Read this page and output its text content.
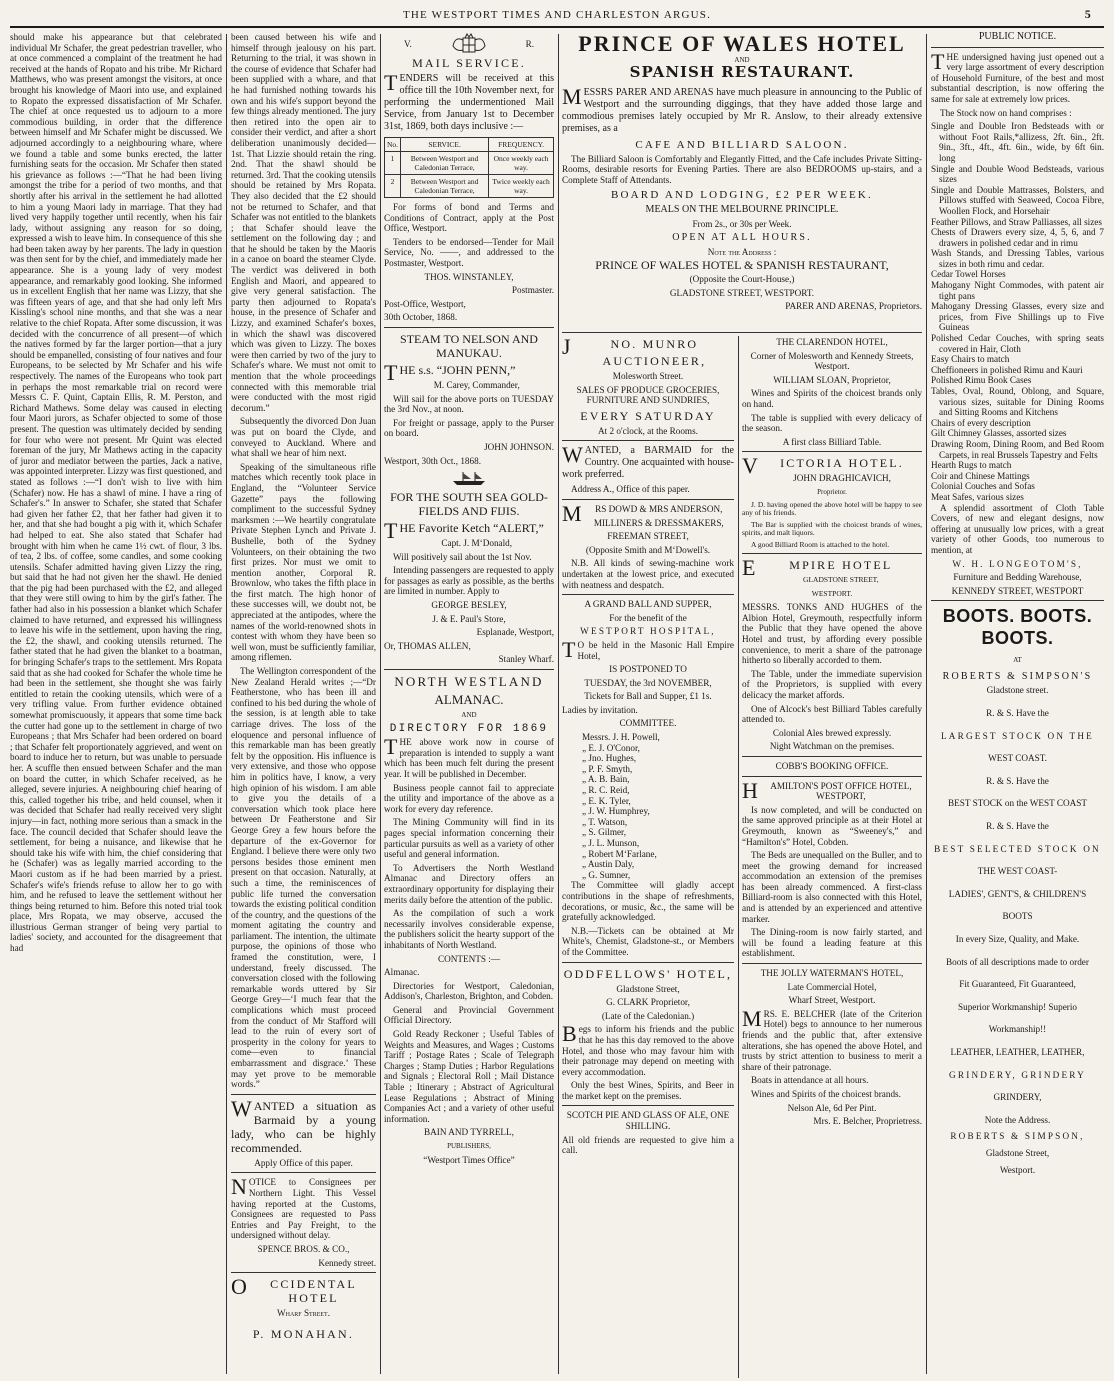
THE WESTPORT TIMES AND CHARLESTON ARGUS.	5

should make his appearance but that celebrated individual Mr Schafer, the great pedestrian traveller, who at once commenced a complaint of the treatment he had received at the hands of Ropato and his tribe. Mr Richard Matthews, who was present amongst the visitors, at once brought his knowledge of Maori into use, and explained to Ropato the expressed dissatisfaction of Mr Schafer. The chief at once requested us to adjourn to a more commodious building, in order that the difference between himself and Mr Schafer might be discussed. We adjourned accordingly to a neighbouring whare, where we found a table and some bunks erected, the latter furnishing seats for the occasion. Mr Schafer then stated his grievance as follows :—“That he had been living amongst the tribe for a period of two months, and that shortly after his arrival in the settlement he had allotted to him a young Maori lady in marriage. That they had lived very happily together until recently, when his fair lady, without assigning any reason for so doing, expressed a wish to leave him. In consequence of this she had been taken away by her parents. The lady in question was then sent for by the chief, and immediately made her appearance. She is a young lady of very modest appearance, and remarkably good looking. She informed us in excellent English that her name was Lizzy, that she was fifteen years of age, and that she had only left Mrs Kissling's school nine months, and that she was a near relative to the chief Ropata. After some discussion, it was decided with the concurrence of all present—of which the natives formed by far the larger portion—that a jury should be empanelled, consisting of four natives and four Europeans, to be selected by Mr Schafer and his wife respectively. The names of the Europeans who took part in perhaps the most remarkable trial on record were Messrs C. F. Quint, Captain Ellis, R. M. Perston, and Richard Mathews. Some delay was caused in electing four Maori jurors, as Schafer objected to some of those present. The question was ultimately decided by sending for four who were not present. Mr Quint was elected foreman of the jury, Mr Mathews acting in the capacity of juror and mediator between the parties, Jack a native, was appointed interpreter. Lizzy was first questioned, and stated as follows :—“I don't wish to live with him (Schafer) now. He has a shawl of mine. I have a ring of Schafer's.” In answer to Schafer, she stated that Schafer had given her father £2, that her father had given it to her, and that she had bought a pig with it, which Schafer had helped to eat. She also stated that Schafer had brought with him when he came 1½ cwt. of flour, 3 lbs. of tea, 2 lbs. of coffee, some candles, and some cooking utensils. Schafer admitted having given Lizzy the ring, but said that he had not given her the shawl. He denied that the pig had been purchased with the £2, and alleged that they were still owing to him by the girl's father. The father had also in his possession a blanket which Schafer claimed to have returned, and expressed his willingness to leave his wife in the settlement, upon having the ring, the £2, the shawl, and cooking utensils returned. The father stated that he had given the blanket to a boatman, for bringing Schafer's traps to the settlement. Mrs Ropata said that as she had cooked for Schafer the whole time he had been in the settlement, she thought she was fairly entitled to retain the cooking utensils, which were of a very trifling value. From further evidence obtained somewhat promiscuously, it appears that some time back the cutter had gone up to the settlement in charge of two Europeans ; that Mrs Schafer had been ordered on board ; that Schafer felt proportionately aggrieved, and went on board to induce her to return, but was unable to persuade her. A scuffle then ensued between Schafer and the man on board the cutter, in which Schafer received, as he alleged, severe injuries. A neighbouring chief hearing of this, called together his tribe, and held counsel, when it was decided that Schafer had really received very slight injury—in fact, nothing more serious than a smack in the face. The council decided that Schafer should leave the settlement, for being a nuisance, and likewise that he should take his wife with him, the chief considering that he (Schafer) was as legally married according to the Maori custom as if he had been married by a priest. Schafer's wife's friends refuse to allow her to go with him, and he refused to leave the settlement without her things being returned to him. Before this noted trial took place, Mrs Ropata, we may observe, accused the illustrious German stranger of being very partial to ladies' society, and accounted for the disagreement that had

been caused between his wife and himself through jealousy on his part. Returning to the trial, it was shown in the course of evidence that Schafer had been supplied with a whare, and that he had furnished nothing towards his own and his wife's support beyond the few things already mentioned. The jury then retired into the open air to consider their verdict, and after a short deliberation unanimously decided—1st. That Lizzie should retain the ring. 2nd. That the shawl should be returned. 3rd. That the cooking utensils should be retained by Mrs Ropata. They also decided that the £2 should not be returned to Schafer, and that Schafer was not entitled to the blankets ; that Schafer should leave the settlement on the following day ; and that he should be taken by the Maoris in a canoe on board the steamer Clyde. The verdict was delivered in both English and Maori, and appeared to give very general satisfaction. The party then adjourned to Ropata's house, in the presence of Schafer and Lizzy, and examined Schafer's boxes, in which the shawl was discovered which was given to Lizzy. The boxes were then carried by two of the jury to Schafer's whare. We must not omit to mention that the whole proceedings connected with this memorable trial were conducted with the most rigid decorum.”

Subsequently the divorced Don Juan was put on board the Clyde, and conveyed to Auckland. Where and what shall we hear of him next.

Speaking of the simultaneous rifle matches which recently took place in England, the “Volunteer Service Gazette” pays the following compliment to the successful Sydney marksmen :—We heartily congratulate Private Stephen Lynch and Private J. Bushelle, both of the Sydney Volunteers, on their obtaining the two first prizes. Nor must we omit to mention another, Corporal R. Brownlow, who takes the fifth place in the first match. The high honor of these successes will, we doubt not, be appreciated at the antipodes, where the names of the world-renowned shots in contest with whom they have been so well won, must be sufficiently familiar, among riflemen.

The Wellington correspondent of the New Zealand Herald writes ;—“Dr Featherstone, who has been ill and confined to his bed during the whole of the session, is at length able to take carriage drives. The loss of the eloquence and personal influence of this remarkable man has been greatly felt by the opposition. His influence is very extensive, and those who oppose him in politics have, I know, a very high opinion of his wisdom. I am able to give you the details of a conversation which took place here between Dr Featherstone and Sir George Grey a few hours before the departure of the ex-Governor for England. I believe there were only two persons besides those eminent men present on that occasion. Naturally, at such a time, the reminiscences of public life turned the conversation towards the existing political condition of the country, and the questions of the moment agitating the country and parliament. The intention, the ultimate purpose, the opinions of those who framed the constitution, were, I understand, freely discussed. The conversation closed with the following remarkable words uttered by Sir George Grey—‘I much fear that the complications which must proceed from the conduct of Mr Stafford will lead to the ruin of every sort of prosperity in the colony for years to come—even to financial embarrassment and disgrace.’ These may yet prove to be memorable words.”

WANTED a situation as Barmaid by a young lady, who can be highly recommended.

Apply Office of this paper.

NOTICE to Consignees per Northern Light. This Vessel having reported at the Customs, Consignees are requested to Pass Entries and Pay Freight, to the undersigned without delay.

SPENCE BROS. & CO.,

Kennedy street.

OCCIDENTAL HOTEL

Wharf Street.

P. MONAHAN.

V.	R.

MAIL SERVICE.

TENDERS will be received at this office till the 10th November next, for performing the undermentioned Mail Service, from January 1st to December 31st, 1869, both days inclusive :—

No.	SERVICE.	FREQUENCY.
1	Between Westport and Caledonian Terrace,	Once weekly each way.
2	Between Westport and Caledonian Terrace,	Twice weekly each way.

For forms of bond and Terms and Conditions of Contract, apply at the Post Office, Westport.

Tenders to be endorsed—Tender for Mail Service, No. ——, and addressed to the Postmaster, Westport.

THOS. WINSTANLEY,

Postmaster.

Post-Office, Westport,

30th October, 1868.

STEAM TO NELSON AND MANUKAU.

THE s.s. “JOHN PENN,”

M. Carey, Commander,

Will sail for the above ports on TUESDAY the 3rd Nov., at noon.

For freight or passage, apply to the Purser on board.

JOHN JOHNSON.

Westport, 30th Oct., 1868.

FOR THE SOUTH SEA GOLD-FIELDS AND FIJIS.

THE Favorite Ketch “ALERT,”

Capt. J. M‘Donald,

Will positively sail about the 1st Nov.

Intending passengers are requested to apply for passages as early as possible, as the berths are limited in number. Apply to

GEORGE BESLEY,

J. & E. Paul's Store,

Esplanade, Westport,

Or, THOMAS ALLEN,

Stanley Wharf.

NORTH WESTLAND

ALMANAC.

AND

DIRECTORY FOR 1869

THE above work now in course of preparation is intended to supply a want which has been much felt during the present year. It will be published in December.

Business people cannot fail to appreciate the utility and importance of the above as a work for every day reference.

The Mining Community will find in its pages special information concerning their particular pursuits as well as a variety of other useful and general information.

To Advertisers the North Westland Almanac and Directory offers an extraordinary opportunity for displaying their merits daily before the attention of the public.

As the compilation of such a work necessarily involves considerable expense, the publishers solicit the hearty support of the inhabitants of North Westland.

CONTENTS :—

Almanac.

Directories for Westport, Caledonian, Addison's, Charleston, Brighton, and Cobden.

General and Provincial Government Official Directory.

Gold Ready Reckoner ; Useful Tables of Weights and Measures, and Wages ; Customs Tariff ; Postage Rates ; Scale of Telegraph Charges ; Stamp Duties ; Harbor Regulations and Signals ; Electoral Roll ; Mail Distance Table ; Itinerary ; Abstract of Agricultural Lease Regulations ; Abstract of Mining Companies Act ; and a variety of other useful information.

BAIN AND TYRRELL,

PUBLISHERS,

“Westport Times Office”

PRINCE OF WALES HOTEL
AND
SPANISH RESTAURANT.

MESSRS PARER AND ARENAS have much pleasure in announcing to the Public of Westport and the surrounding diggings, that they have added those large and commodious premises lately occupied by Mr R. Anslow, to their already extensive premises, as a

CAFE AND BILLIARD SALOON.

The Billiard Saloon is Comfortably and Elegantly Fitted, and the Cafe includes Private Sitting-Rooms, desirable resorts for Evening Parties. There are also BEDROOMS up-stairs, and a Complete Staff of Attendants.

BOARD AND LODGING, £2 PER WEEK.

MEALS ON THE MELBOURNE PRINCIPLE.

From 2s., or 30s per Week.

OPEN AT ALL HOURS.

Note the Address :

PRINCE OF WALES HOTEL & SPANISH RESTAURANT,

(Opposite the Court-House,)

GLADSTONE STREET, WESTPORT.

PARER AND ARENAS, Proprietors.

JNO. MUNRO

AUCTIONEER,

Molesworth Street.

SALES OF PRODUCE GROCERIES, FURNITURE AND SUNDRIES,

EVERY SATURDAY

At 2 o'clock, at the Rooms.

WANTED, a BARMAID for the Country. One acquainted with house-work preferred.

Address A., Office of this paper.

MRS DOWD & MRS ANDERSON,

MILLINERS & DRESSMAKERS,

FREEMAN STREET,

(Opposite Smith and M‘Dowell's.

N.B. All kinds of sewing-machine work undertaken at the lowest price, and executed with neatness and despatch.

A GRAND BALL AND SUPPER,

For the benefit of the

WESTPORT HOSPITAL,

TO be held in the Masonic Hall Empire Hotel,

IS POSTPONED TO

TUESDAY, the 3rd NOVEMBER,

Tickets for Ball and Supper, £1 1s.

Ladies by invitation.

COMMITTEE.

Messrs. J. H. Powell,
„ E. J. O'Conor,
„ Jno. Hughes,
„ P. F. Smyth,
„ A. B. Bain,
„ R. C. Reid,
„ E. K. Tyler,
„ J. W. Humphrey,
„ T. Watson,
„ S. Gilmer,
„ J. L. Munson,
„ Robert M‘Farlane,
„ Austin Daly,
„ G. Sumner,

The Committee will gladly accept contributions in the shape of refreshments, decorations, or music, &c., the same will be gratefully acknowledged.

N.B.—Tickets can be obtained at Mr White's, Chemist, Gladstone-st., or Members of the Committee.

ODDFELLOWS' HOTEL,

Gladstone Street,

G. CLARK Proprietor,

(Late of the Caledonian.)

Begs to inform his friends and the public that he has this day removed to the above Hotel, and those who may favour him with their patronage may depend on meeting with every accommodation.

Only the best Wines, Spirits, and Beer in the market kept on the premises.

SCOTCH PIE AND GLASS OF ALE, ONE SHILLING.

All old friends are requested to give him a call.

THE CLARENDON HOTEL,

Corner of Molesworth and Kennedy Streets, Westport.

WILLIAM SLOAN, Proprietor,

Wines and Spirits of the choicest brands only on hand.

The table is supplied with every delicacy of the season.

A first class Billiard Table.

VICTORIA HOTEL.

JOHN DRAGHICAVICH,

Proprietor.

J. D. having opened the above hotel will be happy to see any of his friends.

The Bar is supplied with the choicest brands of wines, spirits, and malt liquors.

A good Billiard Room is attached to the hotel.

EMPIRE HOTEL

GLADSTONE STREET,

WESTPORT.

MESSRS. TONKS AND HUGHES of the Albion Hotel, Greymouth, respectfully inform the Public that they have opened the above Hotel and trust, by affording every possible convenience, to merit a share of the patronage hitherto so liberally accorded to them.

The Table, under the immediate supervision of the Proprietors, is supplied with every delicacy the market affords.

One of Alcock's best Billiard Tables carefully attended to.

Colonial Ales brewed expressly.

Night Watchman on the premises.

COBB'S BOOKING OFFICE.

HAMILTON'S POST OFFICE HOTEL, WESTPORT,

Is now completed, and will be conducted on the same approved principle as at their Hotel at Greymouth, known as “Sweeney's,” and “Hamilton's” Hotel, Cobden.

The Beds are unequalled on the Buller, and to meet the growing demand for increased accommodation an extension of the premises has been already commenced. A first-class Billiard-room is also connected with this Hotel, and is attended by an experienced and attentive marker.

The Dining-room is now fairly started, and will be found a leading feature at this establishment.

THE JOLLY WATERMAN'S HOTEL,

Late Commercial Hotel,

Wharf Street, Westport.

MRS. E. BELCHER (late of the Criterion Hotel) begs to announce to her numerous friends and the public that, after extensive alterations, she has opened the above Hotel, and trusts by strict attention to business to merit a share of their patronage.

Boats in attendance at all hours.

Wines and Spirits of the choicest brands.

Nelson Ale, 6d Per Pint.

Mrs. E. Belcher, Proprietress.

PUBLIC NOTICE.

THE undersigned having just opened out a very large assortment of every description of Household Furniture, of the best and most substantial description, is now offering the same for sale at extremely low prices.

The Stock now on hand comprises :

Single and Double Iron Bedsteads with or without Foot Rails,*allizess, 2ft. 6in., 2ft. 9in., 3ft., 4ft., 4ft. 6in., wide, by 6ft 6in. long
Single and Double Wood Bedsteads, various sizes
Single and Double Mattrasses, Bolsters, and Pillows stuffed with Seaweed, Cocoa Fibre, Woollen Flock, and Horsehair
Feather Pillows, and Straw Palliasses, all sizes
Chests of Drawers every size, 4, 5, 6, and 7 drawers in polished cedar and in rimu
Wash Stands, and Dressing Tables, various sizes in both rimu and cedar.
Cedar Towel Horses
Mahogany Night Commodes, with patent air tight pans
Mahogany Dressing Glasses, every size and prices, from Five Shillings up to Five Guineas
Polished Cedar Couches, with spring seats covered in Hair, Cloth
Easy Chairs to match
Cheffioneers in polished Rimu and Kauri
Polished Rimu Book Cases
Tables, Oval, Round, Oblong, and Square, various sizes, suitable for Dining Rooms and Sitting Rooms and Kitchens
Chairs of every description
Gilt Chimney Glasses, assorted sizes
Drawing Room, Dining Room, and Bed Room Carpets, in real Brussels Tapestry and Felts
Hearth Rugs to match
Coir and Chinese Mattings
Colonial Couches and Sofas
Meat Safes, various sizes

A splendid assortment of Cloth Table Covers, of new and elegant designs, now offering at unusually low prices, with a great variety of other Goods, too numerous to mention, at

W. H. LONGEOTOM'S,

Furniture and Bedding Warehouse,

KENNEDY STREET, WESTPORT

BOOTS. BOOTS. BOOTS.

AT

ROBERTS & SIMPSON'S

Gladstone street.

R. & S. Have the

LARGEST STOCK ON THE

WEST COAST.

R. & S. Have the

BEST STOCK on the WEST COAST

R. & S. Have the

BEST SELECTED STOCK ON

THE WEST COAST-

LADIES', GENT'S, & CHILDREN'S

BOOTS

In every Size, Quality, and Make.

Boots of all descriptions made to order

Fit Guaranteed, Fit Guaranteed,

Superior Workmanship! Superio

Workmanship!!

LEATHER, LEATHER, LEATHER,

GRINDERY, GRINDERY

GRINDERY,

Note the Address.

ROBERTS & SIMPSON,

Gladstone Street,

Westport.
